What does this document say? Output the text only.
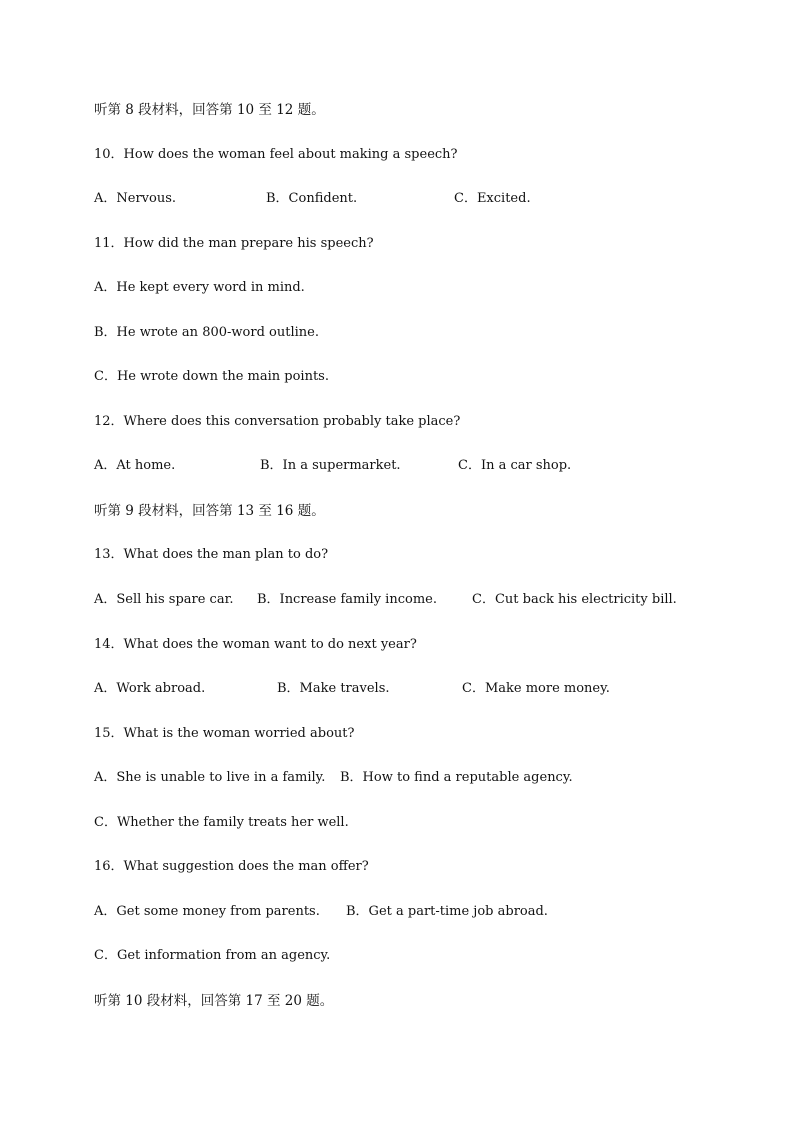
听第 8 段材料，回答第 10 至 12 题。
10．How does the woman feel about making a speech?
A．Nervous.	B．Confident.	C．Excited.
11．How did the man prepare his speech?
A．He kept every word in mind.
B．He wrote an 800-word outline.
C．He wrote down the main points.
12．Where does this conversation probably take place?
A．At home.	B．In a supermarket.	C．In a car shop.
听第 9 段材料，回答第 13 至 16 题。
13．What does the man plan to do?
A．Sell his spare car. B．Increase family income.	C．Cut back his electricity bill.
14．What does the woman want to do next year?
A．Work abroad.	B．Make travels.	C．Make more money.
15．What is the woman worried about?
A．She is unable to live in a family. B．How to find a reputable agency.
C．Whether the family treats her well.
16．What suggestion does the man offer?
A．Get some money from parents. B．Get a part-time job abroad.
C．Get information from an agency.
听第 10 段材料，回答第 17 至 20 题。
